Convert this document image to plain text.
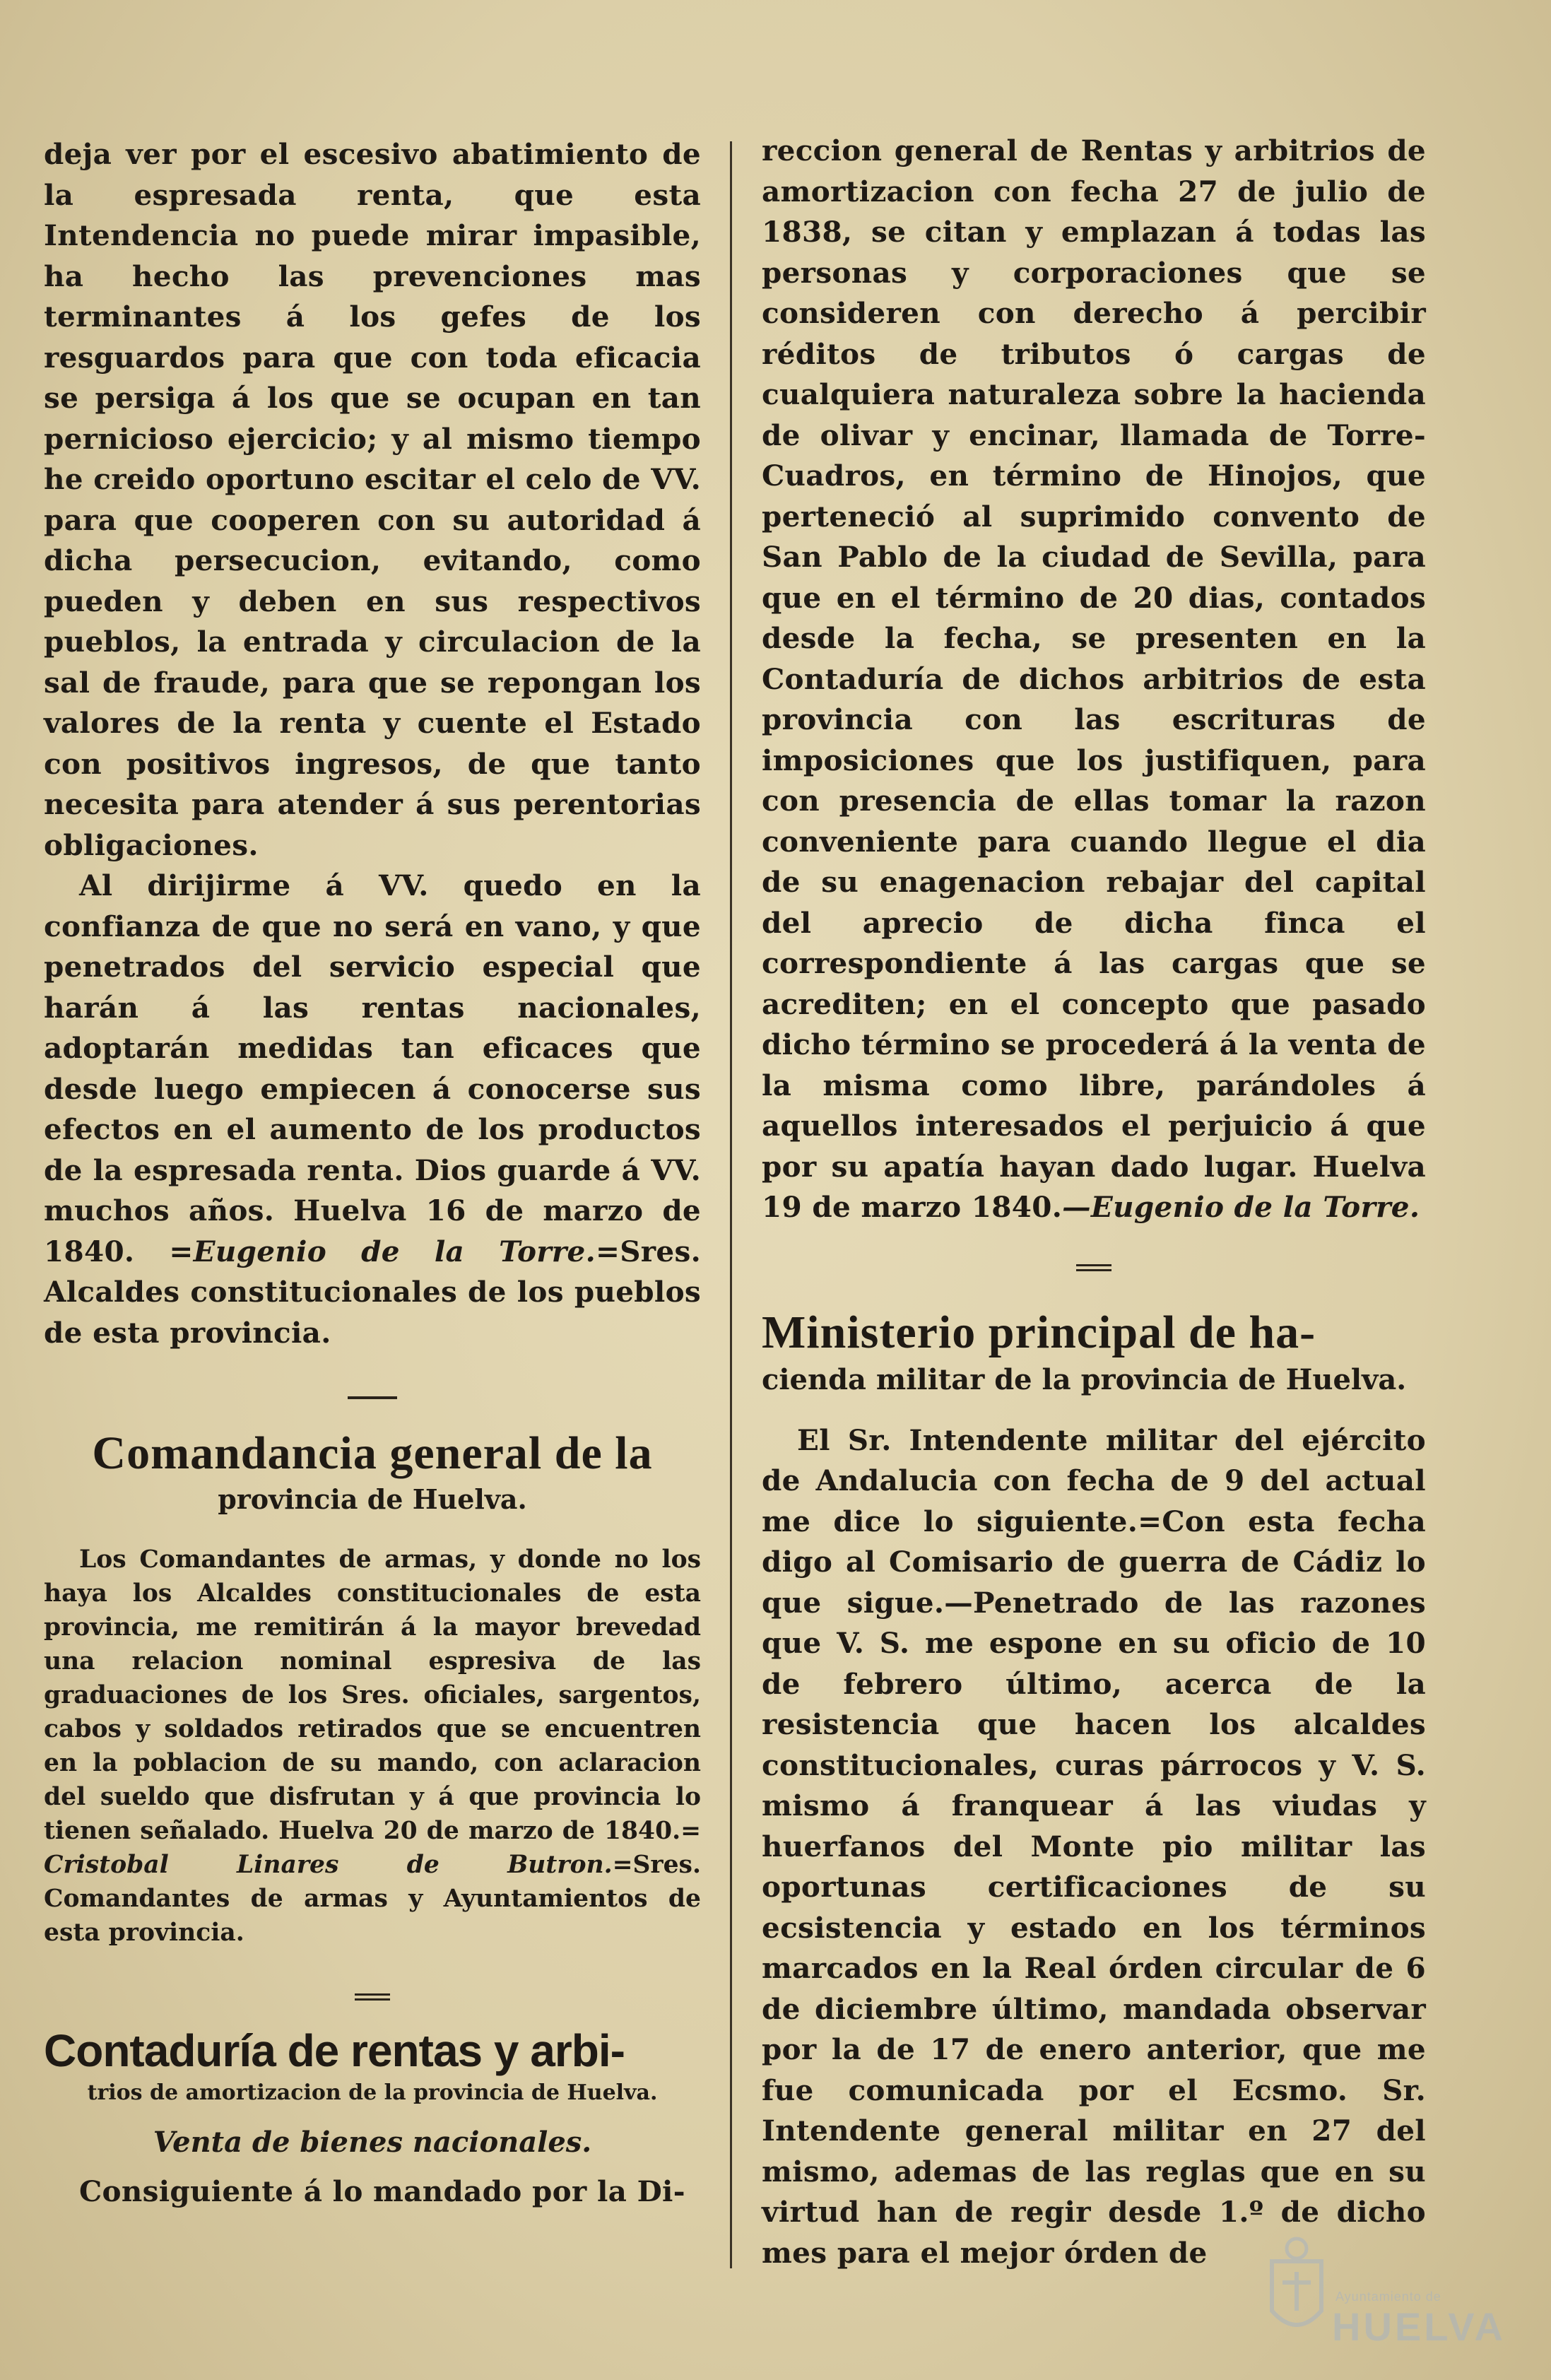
deja ver por el escesivo abatimiento de la espresada renta, que esta Intendencia no puede mirar impasible, ha hecho las prevenciones mas terminantes á los gefes de los resguardos para que con toda eficacia se persiga á los que se ocupan en tan pernicioso ejercicio; y al mismo tiempo he creido oportuno escitar el celo de VV. para que cooperen con su autoridad á dicha persecucion, evitando, como pueden y deben en sus respectivos pueblos, la entrada y circulacion de la sal de fraude, para que se repongan los valores de la renta y cuente el Estado con positivos ingresos, de que tanto necesita para atender á sus perentorias obligaciones.

Al dirijirme á VV. quedo en la confianza de que no será en vano, y que penetrados del servicio especial que harán á las rentas nacionales, adoptarán medidas tan eficaces que desde luego empiecen á conocerse sus efectos en el aumento de los productos de la espresada renta. Dios guarde á VV. muchos años. Huelva 16 de marzo de 1840. =Eugenio de la Torre.=Sres. Alcaldes constitucionales de los pueblos de esta provincia.

Comandancia general de la

provincia de Huelva.

Los Comandantes de armas, y donde no los haya los Alcaldes constitucionales de esta provincia, me remitirán á la mayor brevedad una relacion nominal espresiva de las graduaciones de los Sres. oficiales, sargentos, cabos y soldados retirados que se encuentren en la poblacion de su mando, con aclaracion del sueldo que disfrutan y á que provincia lo tienen señalado. Huelva 20 de marzo de 1840.= Cristobal Linares de Butron.=Sres. Comandantes de armas y Ayuntamientos de esta provincia.

Contaduría de rentas y arbi-

trios de amortizacion de la provincia de Huelva.

Venta de bienes nacionales.

Consiguiente á lo mandado por la Di-

reccion general de Rentas y arbitrios de amortizacion con fecha 27 de julio de 1838, se citan y emplazan á todas las personas y corporaciones que se consideren con derecho á percibir réditos de tributos ó cargas de cualquiera naturaleza sobre la hacienda de olivar y encinar, llamada de Torre-Cuadros, en término de Hinojos, que perteneció al suprimido convento de San Pablo de la ciudad de Sevilla, para que en el término de 20 dias, contados desde la fecha, se presenten en la Contaduría de dichos arbitrios de esta provincia con las escrituras de imposiciones que los justifiquen, para con presencia de ellas tomar la razon conveniente para cuando llegue el dia de su enagenacion rebajar del capital del aprecio de dicha finca el correspondiente á las cargas que se acrediten; en el concepto que pasado dicho término se procederá á la venta de la misma como libre, parándoles á aquellos interesados el perjuicio á que por su apatía hayan dado lugar. Huelva 19 de marzo 1840.—Eugenio de la Torre.

Ministerio principal de ha-

cienda militar de la provincia de Huelva.

El Sr. Intendente militar del ejército de Andalucia con fecha de 9 del actual me dice lo siguiente.=Con esta fecha digo al Comisario de guerra de Cádiz lo que sigue.—Penetrado de las razones que V. S. me espone en su oficio de 10 de febrero último, acerca de la resistencia que hacen los alcaldes constitucionales, curas párrocos y V. S. mismo á franquear á las viudas y huerfanos del Monte pio militar las oportunas certificaciones de su ecsistencia y estado en los términos marcados en la Real órden circular de 6 de diciembre último, mandada observar por la de 17 de enero anterior, que me fue comunicada por el Ecsmo. Sr. Intendente general militar en 27 del mismo, ademas de las reglas que en su virtud han de regir desde 1.º de dicho mes para el mejor órden de

Ayuntamiento de
HUELVA
